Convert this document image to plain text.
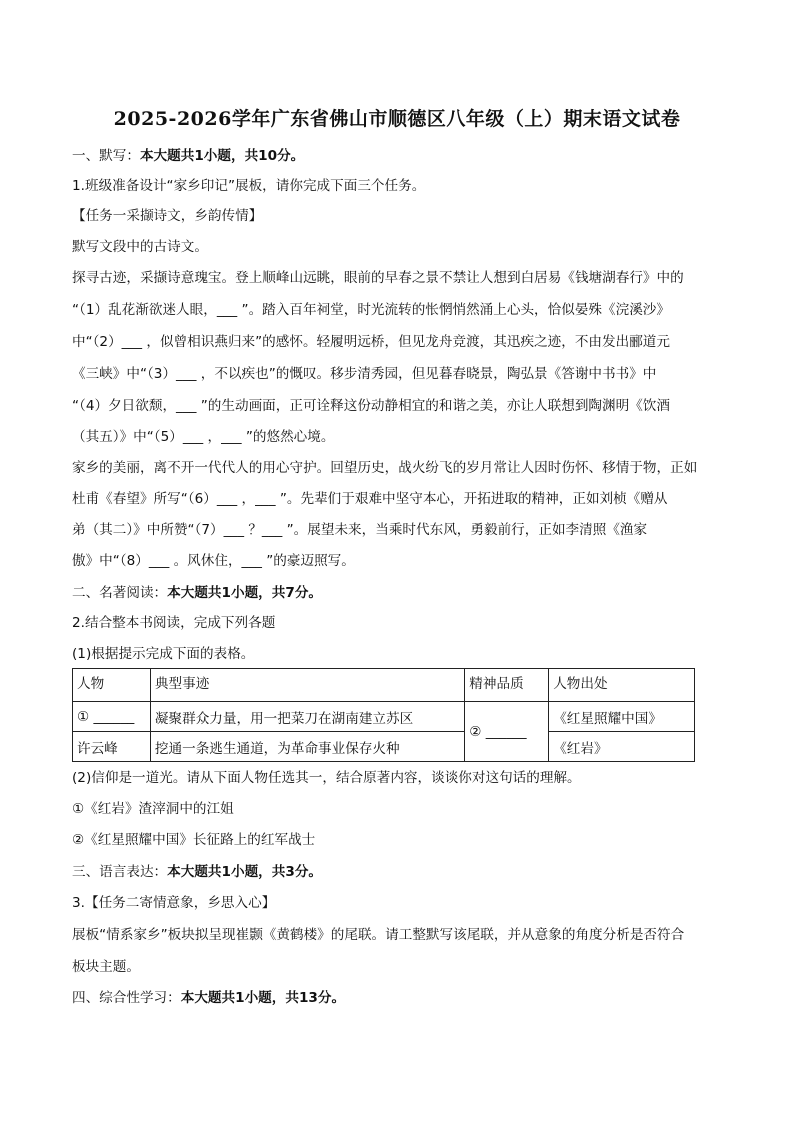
2025-2026学年广东省佛山市顺德区八年级（上）期末语文试卷
一、默写：本大题共1小题，共10分。
1.班级准备设计“家乡印记”展板，请你完成下面三个任务。
【任务一采撷诗文，乡韵传情】
默写文段中的古诗文。
探寻古迹，采撷诗意瑰宝。登上顺峰山远眺，眼前的早春之景不禁让人想到白居易《钱塘湖春行》中的
“（1）乱花渐欲迷人眼，___ ”。踏入百年祠堂，时光流转的怅惘悄然涌上心头，恰似晏殊《浣溪沙》
中“（2）___ ，似曾相识燕归来”的感怀。轻履明远桥，但见龙舟竞渡，其迅疾之迹，不由发出郦道元
《三峡》中“（3）___ ，不以疾也”的慨叹。移步清秀园，但见暮春晓景，陶弘景《答谢中书书》中
“（4）夕日欲颓，___ ”的生动画面，正可诠释这份动静相宜的和谐之美，亦让人联想到陶渊明《饮酒
（其五）》中“（5）___ ，___ ”的悠然心境。
家乡的美丽，离不开一代代人的用心守护。回望历史，战火纷飞的岁月常让人因时伤怀、移情于物，正如
杜甫《春望》所写“（6）___ ，___ ”。先辈们于艰难中坚守本心，开拓进取的精神，正如刘桢《赠从
弟（其二）》中所赞“（7）___ ？___ ”。展望未来，当乘时代东风，勇毅前行，正如李清照《渔家
傲》中“（8）___ 。风休住，___ ”的豪迈照写。
二、名著阅读：本大题共1小题，共7分。
2.结合整本书阅读，完成下列各题
(1)根据提示完成下面的表格。
人物	典型事迹	精神品质	人物出处
① ______	凝聚群众力量，用一把菜刀在湖南建立苏区	② ______	《红星照耀中国》
许云峰	挖通一条逃生通道，为革命事业保存火种		《红岩》
(2)信仰是一道光。请从下面人物任选其一，结合原著内容，谈谈你对这句话的理解。
①《红岩》渣滓洞中的江姐
②《红星照耀中国》长征路上的红军战士
三、语言表达：本大题共1小题，共3分。
3.【任务二寄情意象，乡思入心】
展板“情系家乡”板块拟呈现崔颢《黄鹤楼》的尾联。请工整默写该尾联，并从意象的角度分析是否符合
板块主题。
四、综合性学习：本大题共1小题，共13分。
